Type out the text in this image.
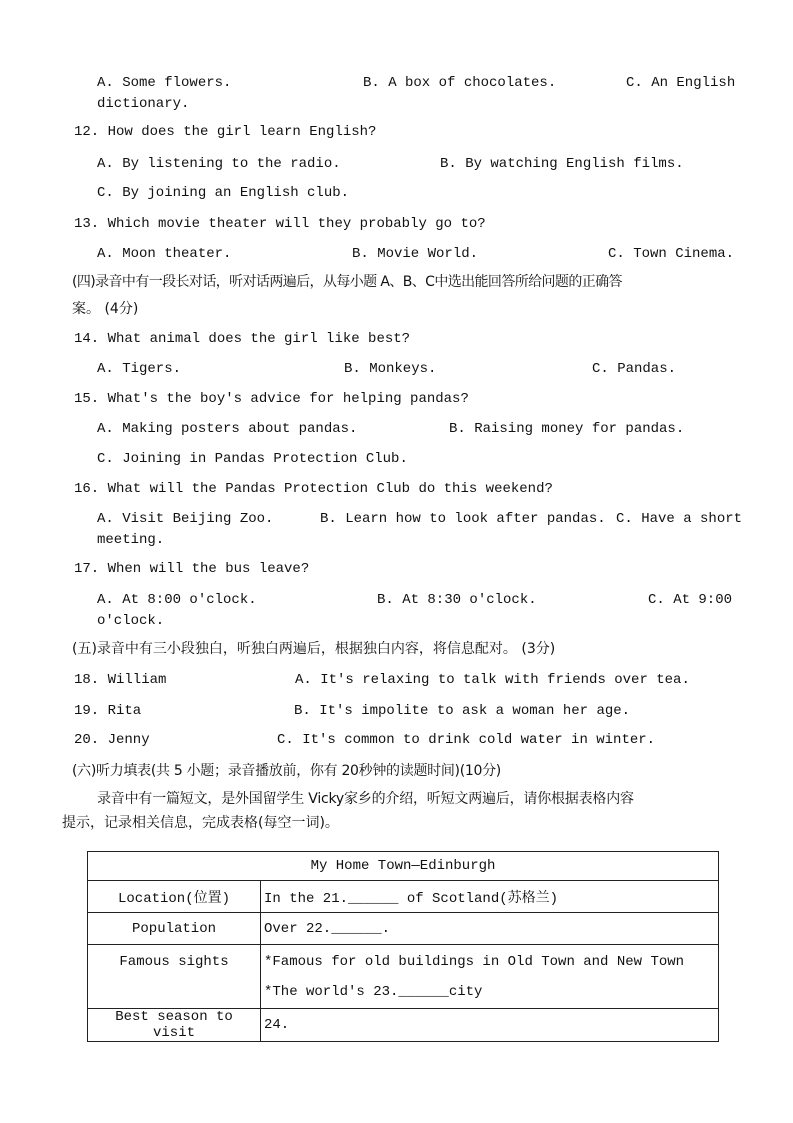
A. Some flowers.	B. A box of chocolates.	C. An English
dictionary.
12. How does the girl learn English?
A. By listening to the radio.	B. By watching English films.
C. By joining an English club.
13. Which movie theater will they probably go to?
A. Moon theater.	B. Movie World.	C. Town Cinema.
(四)录音中有一段长对话，听对话两遍后，从每小题 A、B、C中选出能回答所给问题的正确答
案。 (4分)
14. What animal does the girl like best?
A. Tigers.	B. Monkeys.	C. Pandas.
15. What's the boy's advice for helping pandas?
A. Making posters about pandas.	B. Raising money for pandas.
C. Joining in Pandas Protection Club.
16. What will the Pandas Protection Club do this weekend?
A. Visit Beijing Zoo.	B. Learn how to look after pandas. C. Have a short
meeting.
17. When will the bus leave?
A. At 8:00 o'clock.	B. At 8:30 o'clock.	C. At 9:00
o'clock.
(五)录音中有三小段独白，听独白两遍后，根据独白内容，将信息配对。 (3分)
18. William	A. It's relaxing to talk with friends over tea.
19. Rita	B. It's impolite to ask a woman her age.
20. Jenny	C. It's common to drink cold water in winter.
(六)听力填表(共 5 小题；录音播放前，你有 20秒钟的读题时间)(10分)
录音中有一篇短文，是外国留学生 Vicky家乡的介绍，听短文两遍后，请你根据表格内容
提示，记录相关信息，完成表格(每空一词)。
My Home Town—Edinburgh	
Location(位置)	In the 21.______ of Scotland(苏格兰)
Population	Over 22.______.
Famous sights	*Famous for old buildings in Old Town and New Town
*The world's 23.______city

Best season to visit	24.
